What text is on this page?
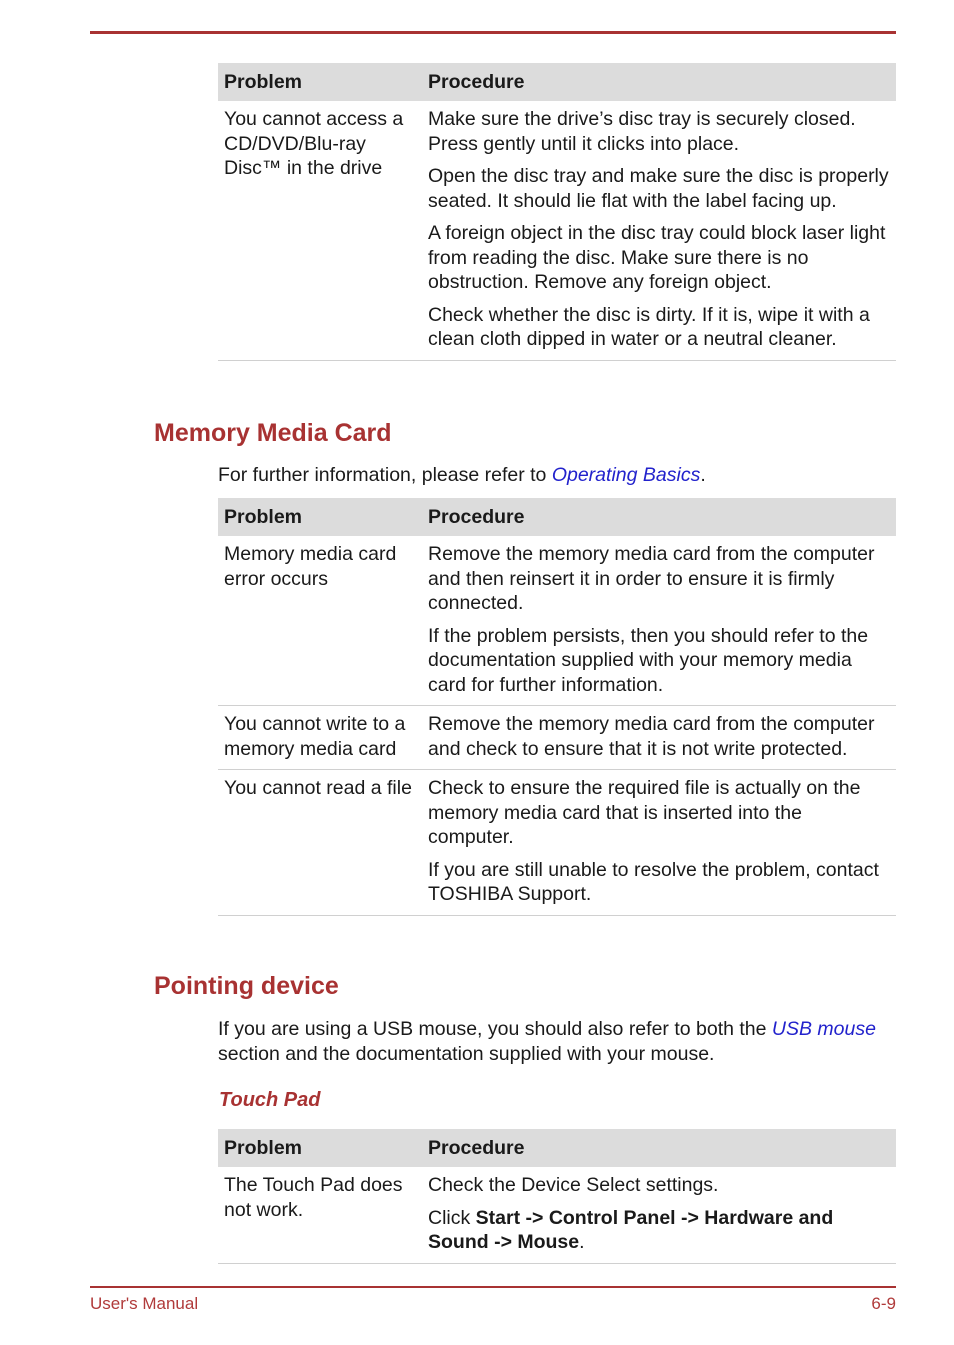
Problem	Procedure
You cannot access a CD/DVD/Blu-ray Disc™ in the drive	Make sure the drive’s disc tray is securely closed. Press gently until it clicks into place.

Open the disc tray and make sure the disc is properly seated. It should lie flat with the label facing up.

A foreign object in the disc tray could block laser light from reading the disc. Make sure there is no obstruction. Remove any foreign object.

Check whether the disc is dirty. If it is, wipe it with a clean cloth dipped in water or a neutral cleaner.

Memory Media Card

For further information, please refer to Operating Basics.

Problem	Procedure
Memory media card error occurs	Remove the memory media card from the computer and then reinsert it in order to ensure it is firmly connected.

If the problem persists, then you should refer to the documentation supplied with your memory media card for further information.

You cannot write to a memory media card	Remove the memory media card from the computer and check to ensure that it is not write protected.

You cannot read a file	Check to ensure the required file is actually on the memory media card that is inserted into the computer.

If you are still unable to resolve the problem, contact TOSHIBA Support.

Pointing device

If you are using a USB mouse, you should also refer to both the USB mouse section and the documentation supplied with your mouse.

Touch Pad
Problem	Procedure
The Touch Pad does not work.	Check the Device Select settings.

Click Start -> Control Panel -> Hardware and Sound -> Mouse.

User's Manual	6-9
